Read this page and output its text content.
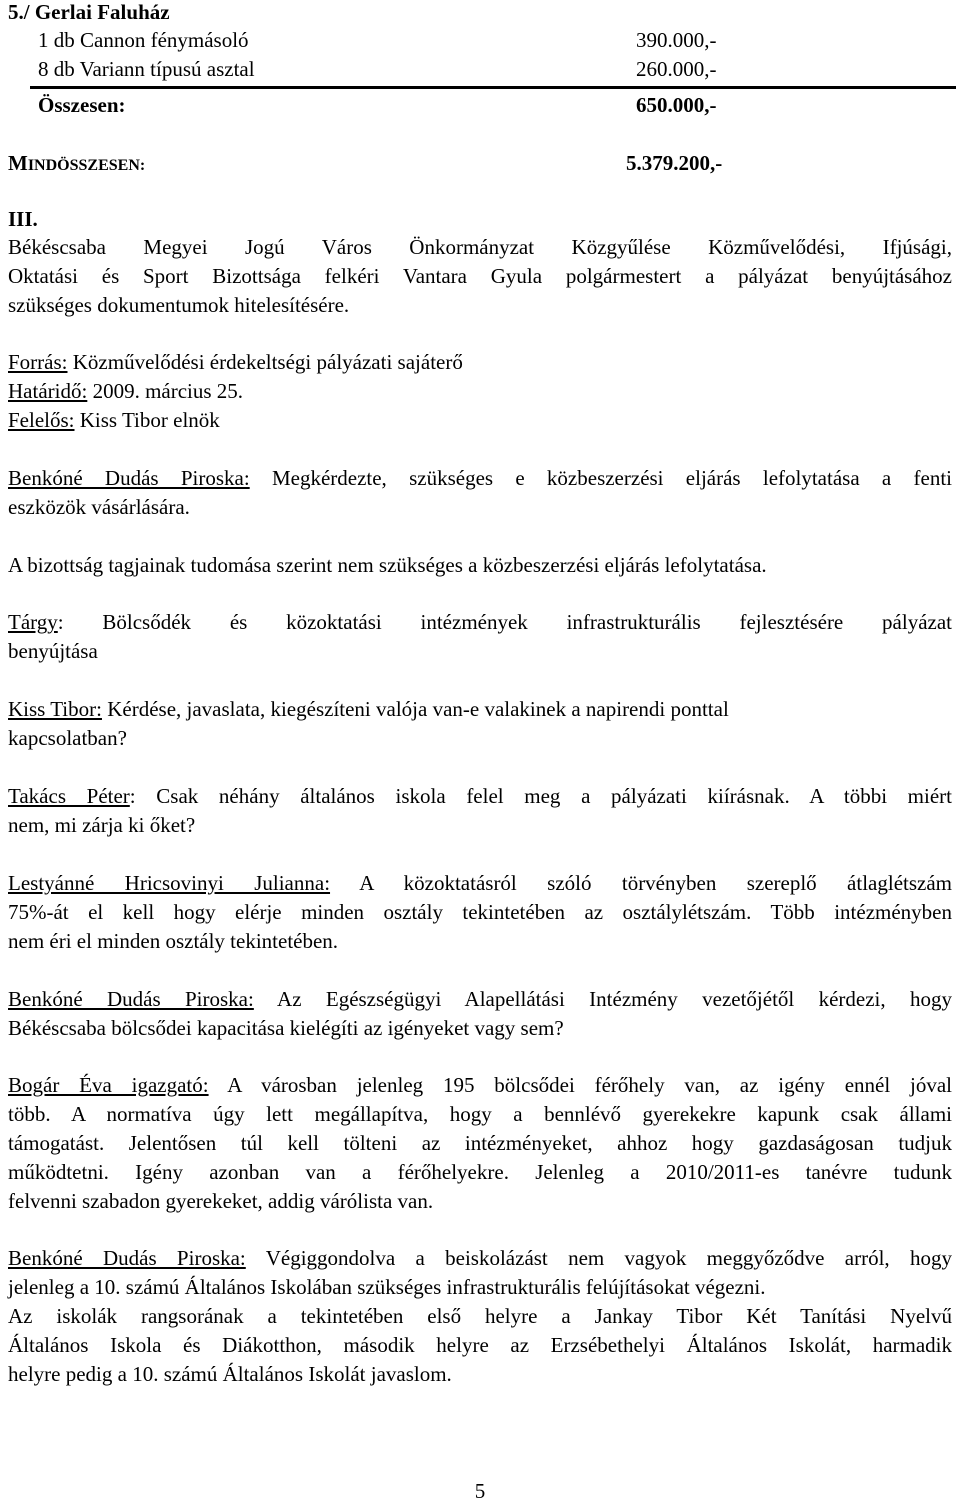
5./ Gerlai Faluház
1 db Cannon fénymásoló	390.000,-
8 db Variann típusú asztal	260.000,-
Összesen:	650.000,-
MINDÖSSZESEN:	5.379.200,-
III.
Békéscsaba Megyei Jogú Város Önkormányzat Közgyűlése Közművelődési, Ifjúsági,
Oktatási és Sport Bizottsága felkéri Vantara Gyula polgármestert a pályázat benyújtásához
szükséges dokumentumok hitelesítésére.
Forrás: Közművelődési érdekeltségi pályázati sajáterő
Határidő: 2009. március 25.
Felelős: Kiss Tibor elnök
Benkóné Dudás Piroska: Megkérdezte, szükséges e közbeszerzési eljárás lefolytatása a fenti
eszközök vásárlására.
A bizottság tagjainak tudomása szerint nem szükséges a közbeszerzési eljárás lefolytatása.
Tárgy: Bölcsődék és közoktatási intézmények infrastrukturális fejlesztésére pályázat
benyújtása
Kiss Tibor: Kérdése, javaslata, kiegészíteni valója van-e valakinek a napirendi ponttal
kapcsolatban?
Takács Péter: Csak néhány általános iskola felel meg a pályázati kiírásnak. A többi miért
nem, mi zárja ki őket?
Lestyánné Hricsovinyi Julianna: A közoktatásról szóló törvényben szereplő átlaglétszám
75%-át el kell hogy elérje minden osztály tekintetében az osztálylétszám. Több intézményben
nem éri el minden osztály tekintetében.
Benkóné Dudás Piroska: Az Egészségügyi Alapellátási Intézmény vezetőjétől kérdezi, hogy
Békéscsaba bölcsődei kapacitása kielégíti az igényeket vagy sem?
Bogár Éva igazgató: A városban jelenleg 195 bölcsődei férőhely van, az igény ennél jóval
több. A normatíva úgy lett megállapítva, hogy a bennlévő gyerekekre kapunk csak állami
támogatást. Jelentősen túl kell tölteni az intézményeket, ahhoz hogy gazdaságosan tudjuk
működtetni. Igény azonban van a férőhelyekre. Jelenleg a 2010/2011-es tanévre tudunk
felvenni szabadon gyerekeket, addig várólista van.
Benkóné Dudás Piroska: Végiggondolva a beiskolázást nem vagyok meggyőződve arról, hogy
jelenleg a 10. számú Általános Iskolában szükséges infrastrukturális felújításokat végezni.
Az iskolák rangsorának a tekintetében első helyre a Jankay Tibor Két Tanítási Nyelvű
Általános Iskola és Diákotthon, második helyre az Erzsébethelyi Általános Iskolát, harmadik
helyre pedig a 10. számú Általános Iskolát javaslom.
5
